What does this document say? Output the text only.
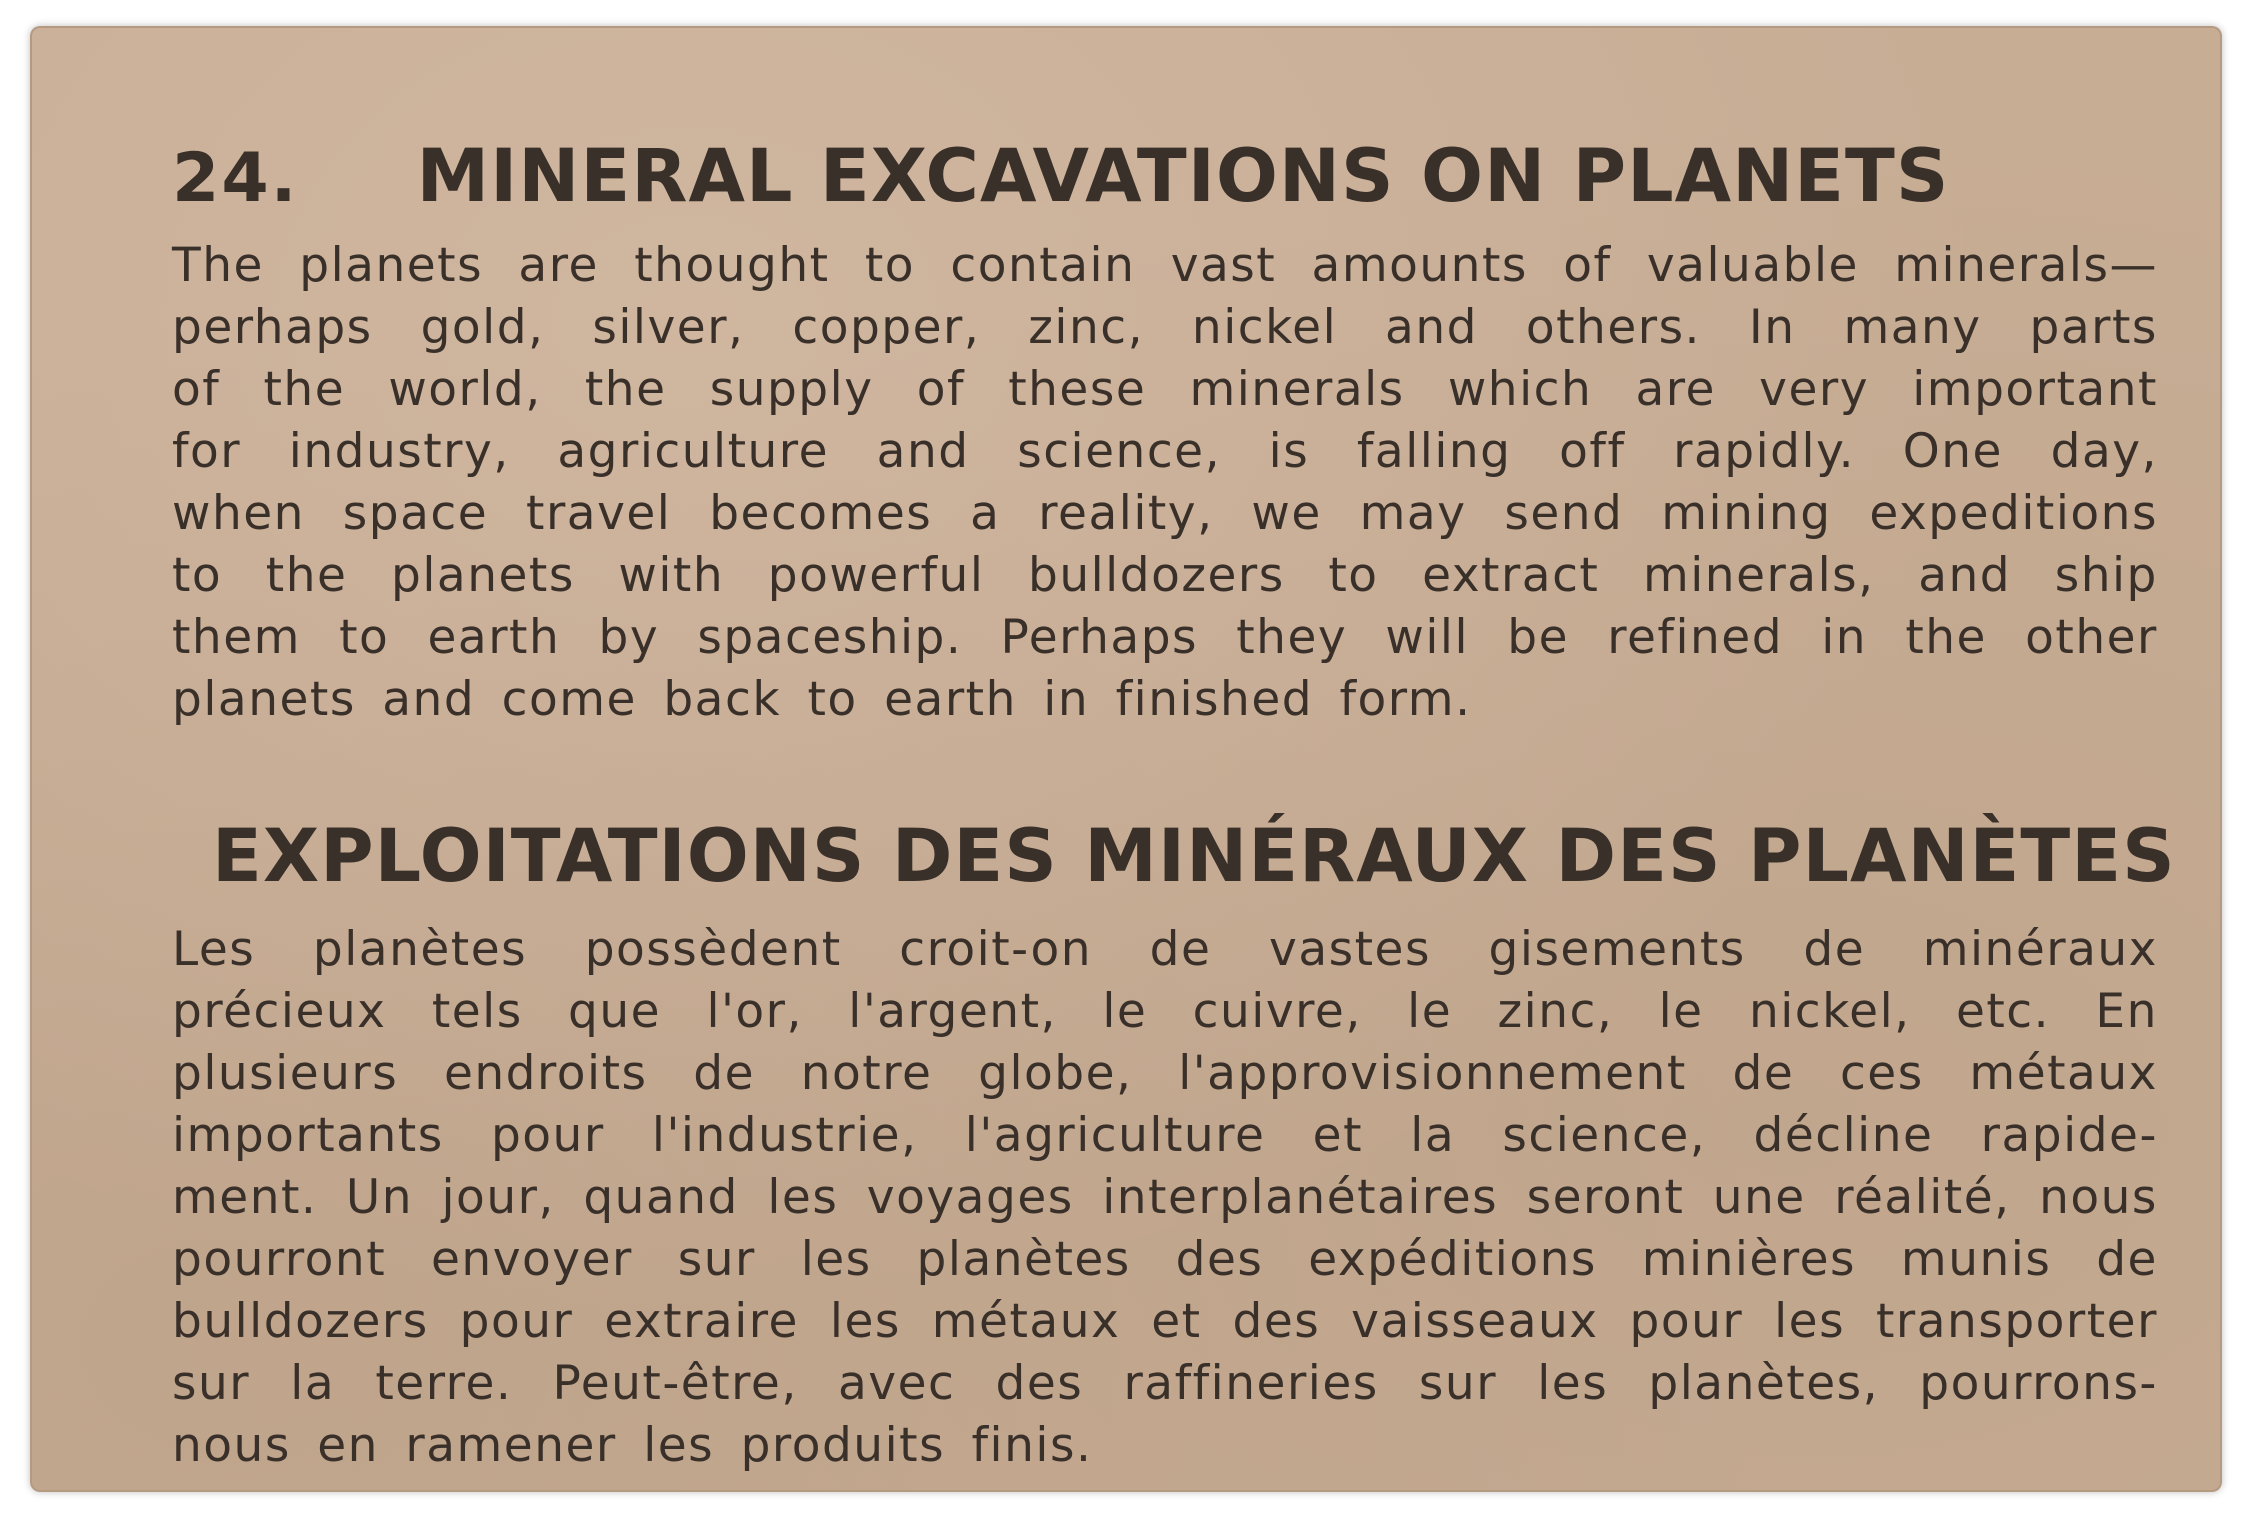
24. MINERAL EXCAVATIONS ON PLANETS
The planets are thought to contain vast amounts of valuable minerals—
perhaps gold, silver, copper, zinc, nickel and others. In many parts
of the world, the supply of these minerals which are very important
for industry, agriculture and science, is falling off rapidly. One day,
when space travel becomes a reality, we may send mining expeditions
to the planets with powerful bulldozers to extract minerals, and ship
them to earth by spaceship. Perhaps they will be refined in the other
planets and come back to earth in finished form.
EXPLOITATIONS DES MINÉRAUX DES PLANÈTES
Les planètes possèdent croit-on de vastes gisements de minéraux
précieux tels que l'or, l'argent, le cuivre, le zinc, le nickel, etc. En
plusieurs endroits de notre globe, l'approvisionnement de ces métaux
importants pour l'industrie, l'agriculture et la science, décline rapide-
ment. Un jour, quand les voyages interplanétaires seront une réalité, nous
pourront envoyer sur les planètes des expéditions minières munis de
bulldozers pour extraire les métaux et des vaisseaux pour les transporter
sur la terre. Peut-être, avec des raffineries sur les planètes, pourrons-
nous en ramener les produits finis.
